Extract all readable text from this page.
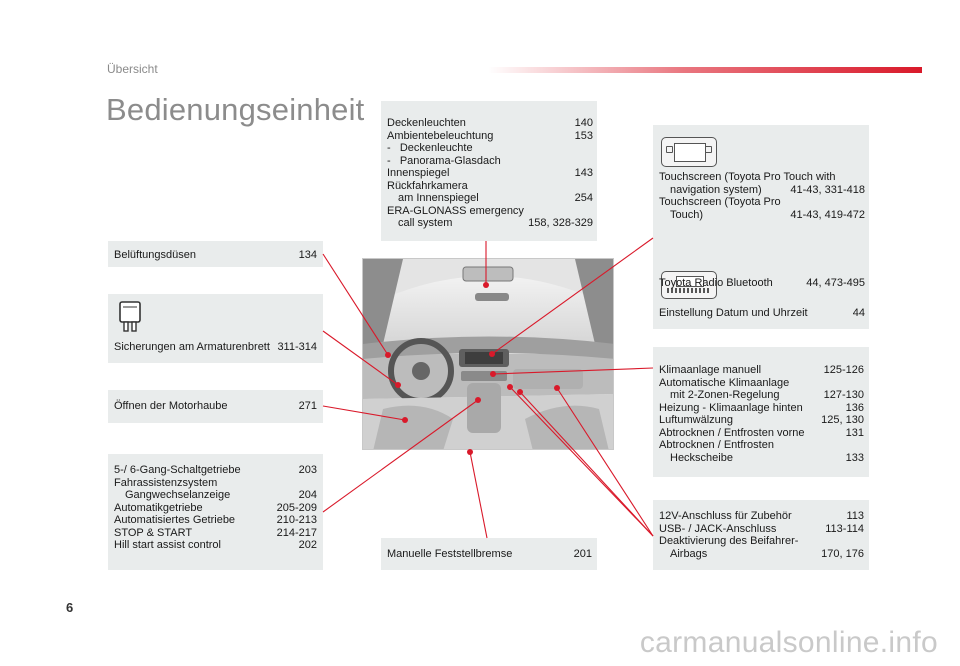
Übersicht
Bedienungseinheit
Belüftungsdüsen	134
Sicherungen am Armaturenbrett 311-314
Öffnen der Motorhaube	271
5-/ 6-Gang-Schaltgetriebe	203
Fahrassistenzsystem
Gangwechselanzeige	204
Automatikgetriebe	205-209
Automatisiertes Getriebe	210-213
STOP & START	214-217
Hill start assist control	202
Deckenleuchten	140
Ambientebeleuchtung	153
-   Deckenleuchte
-   Panorama-Glasdach
Innenspiegel	143
Rückfahrkamera
am Innenspiegel	254
ERA-GLONASS emergency
call system	158, 328-329
Manuelle Feststellbremse	201
Touchscreen (Toyota Pro Touch with
navigation system)	41-43, 331-418
Touchscreen (Toyota Pro
Touch)	41-43, 419-472
Toyota Radio Bluetooth	44, 473-495
Einstellung Datum und Uhrzeit	44
Klimaanlage manuell	125-126
Automatische Klimaanlage
mit 2-Zonen-Regelung	127-130
Heizung - Klimaanlage hinten	136
Luftumwälzung	125, 130
Abtrocknen / Entfrosten vorne	131
Abtrocknen / Entfrosten
Heckscheibe	133
12V-Anschluss für Zubehör	113
USB- / JACK-Anschluss	113-114
Deaktivierung des Beifahrer-
Airbags	170, 176
6
carmanualsonline.info
